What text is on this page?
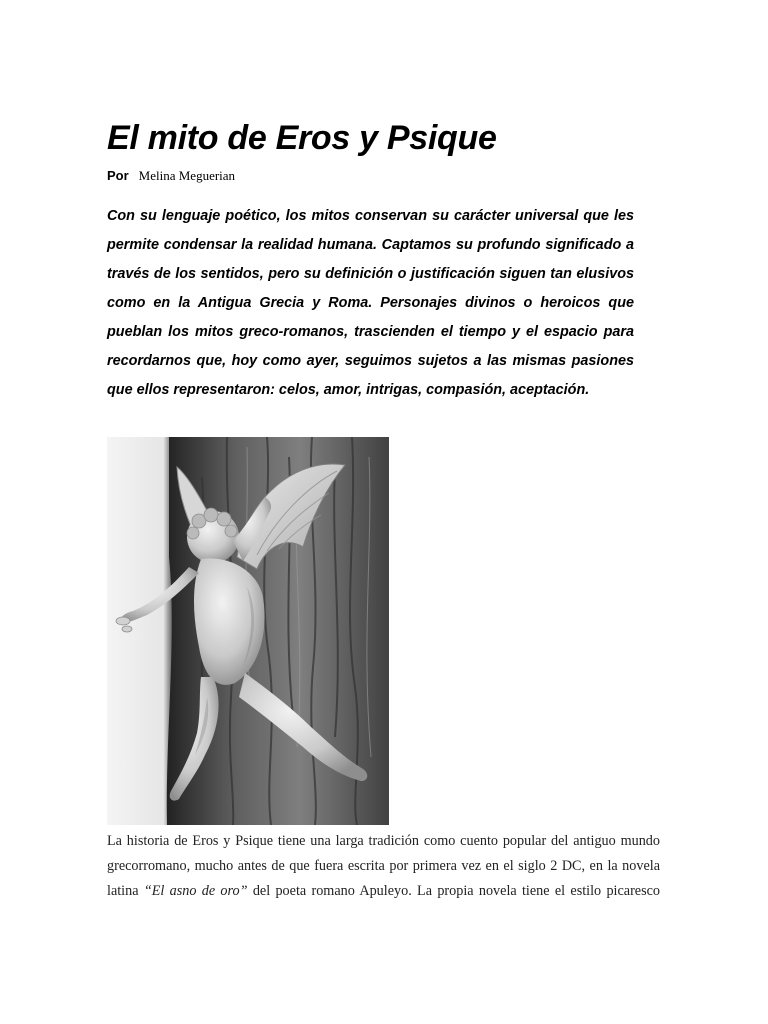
El mito de Eros y Psique
Por Melina Meguerian

Con su lenguaje poético, los mitos conservan su carácter universal que les permite condensar la realidad humana. Captamos su profundo significado a través de los sentidos, pero su definición o justificación siguen tan elusivos como en la Antigua Grecia y Roma. Personajes divinos o heroicos que pueblan los mitos greco-romanos, trascienden el tiempo y el espacio para recordarnos que, hoy como ayer, seguimos sujetos a las mismas pasiones que ellos representaron: celos, amor, intrigas, compasión, aceptación.

La historia de Eros y Psique tiene una larga tradición como cuento popular del antiguo mundo grecorromano, mucho antes de que fuera escrita por primera vez en el siglo 2 DC, en la novela latina “El asno de oro” del poeta romano Apuleyo. La propia novela tiene el estilo picaresco
